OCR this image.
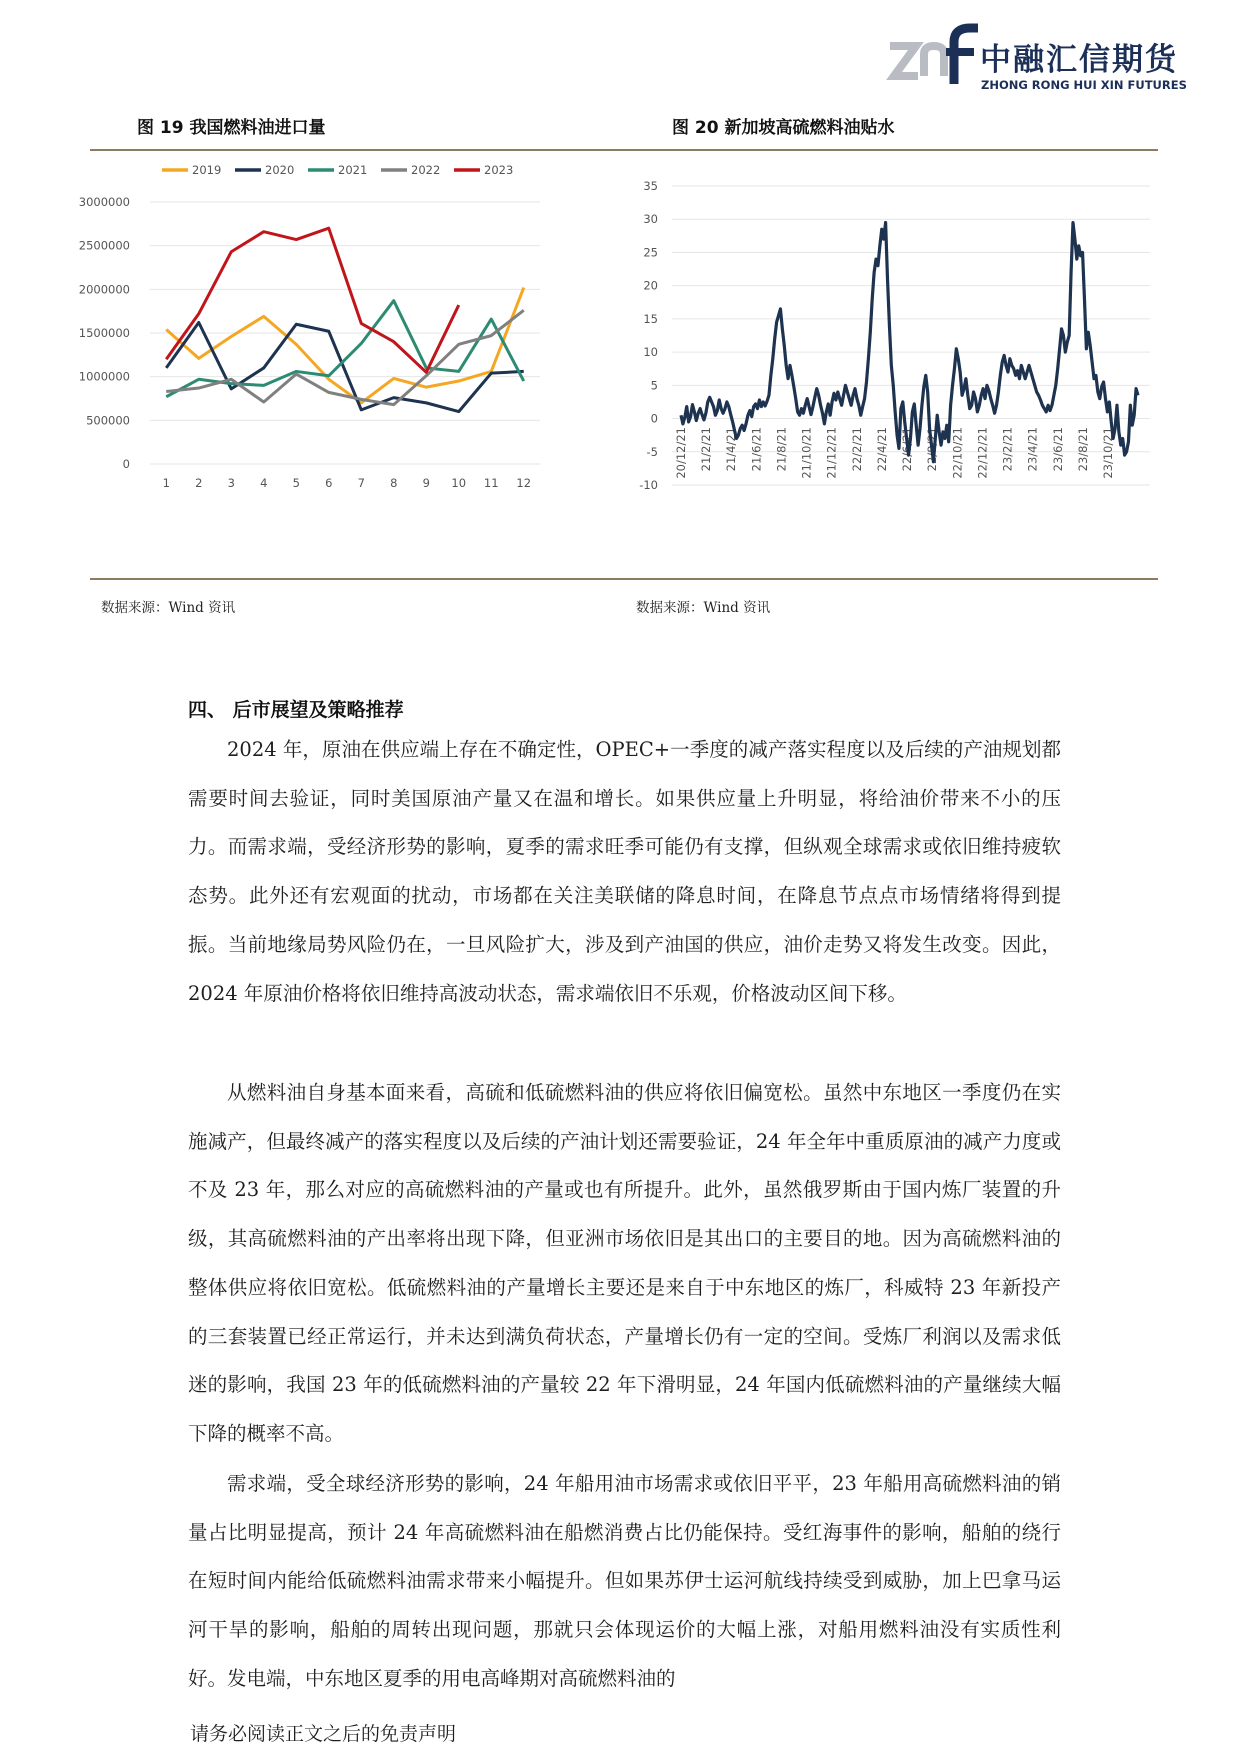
中融汇信期货
ZHONG RONG HUI XIN FUTURES
图 19 我国燃料油进口量	图 20 新加坡高硫燃料油贴水
0
500000
1000000
1500000
2000000
2500000
3000000
1 2 3 4 5 6 7 8 9 10 11 12
2019	2020	2021	2022	2023
-10
-5
0
5
10
15
20
25
30
35
20/12/21 21/2/21 21/4/21 21/6/21 21/8/21 21/10/21 21/12/21 22/2/21 22/4/21 22/6/21 22/8/21 22/10/21 22/12/21 23/2/21 23/4/21 23/6/21 23/8/21 23/10/21
数据来源：Wind 资讯	数据来源：Wind 资讯
四、 后市展望及策略推荐

2024 年，原油在供应端上存在不确定性，OPEC+一季度的减产落实程度以及后续的产油规划都需要时间去验证，同时美国原油产量又在温和增长。如果供应量上升明显，将给油价带来不小的压力。而需求端，受经济形势的影响，夏季的需求旺季可能仍有支撑，但纵观全球需求或依旧维持疲软态势。此外还有宏观面的扰动，市场都在关注美联储的降息时间，在降息节点点市场情绪将得到提振。当前地缘局势风险仍在，一旦风险扩大，涉及到产油国的供应，油价走势又将发生改变。因此，2024 年原油价格将依旧维持高波动状态，需求端依旧不乐观，价格波动区间下移。

从燃料油自身基本面来看，高硫和低硫燃料油的供应将依旧偏宽松。虽然中东地区一季度仍在实施减产，但最终减产的落实程度以及后续的产油计划还需要验证，24 年全年中重质原油的减产力度或不及 23 年，那么对应的高硫燃料油的产量或也有所提升。此外，虽然俄罗斯由于国内炼厂装置的升级，其高硫燃料油的产出率将出现下降，但亚洲市场依旧是其出口的主要目的地。因为高硫燃料油的整体供应将依旧宽松。低硫燃料油的产量增长主要还是来自于中东地区的炼厂，科威特 23 年新投产的三套装置已经正常运行，并未达到满负荷状态，产量增长仍有一定的空间。受炼厂利润以及需求低迷的影响，我国 23 年的低硫燃料油的产量较 22 年下滑明显，24 年国内低硫燃料油的产量继续大幅下降的概率不高。

需求端，受全球经济形势的影响，24 年船用油市场需求或依旧平平，23 年船用高硫燃料油的销量占比明显提高，预计 24 年高硫燃料油在船燃消费占比仍能保持。受红海事件的影响，船舶的绕行在短时间内能给低硫燃料油需求带来小幅提升。但如果苏伊士运河航线持续受到威胁，加上巴拿马运河干旱的影响，船舶的周转出现问题，那就只会体现运价的大幅上涨，对船用燃料油没有实质性利好。发电端，中东地区夏季的用电高峰期对高硫燃料油的

请务必阅读正文之后的免责声明
